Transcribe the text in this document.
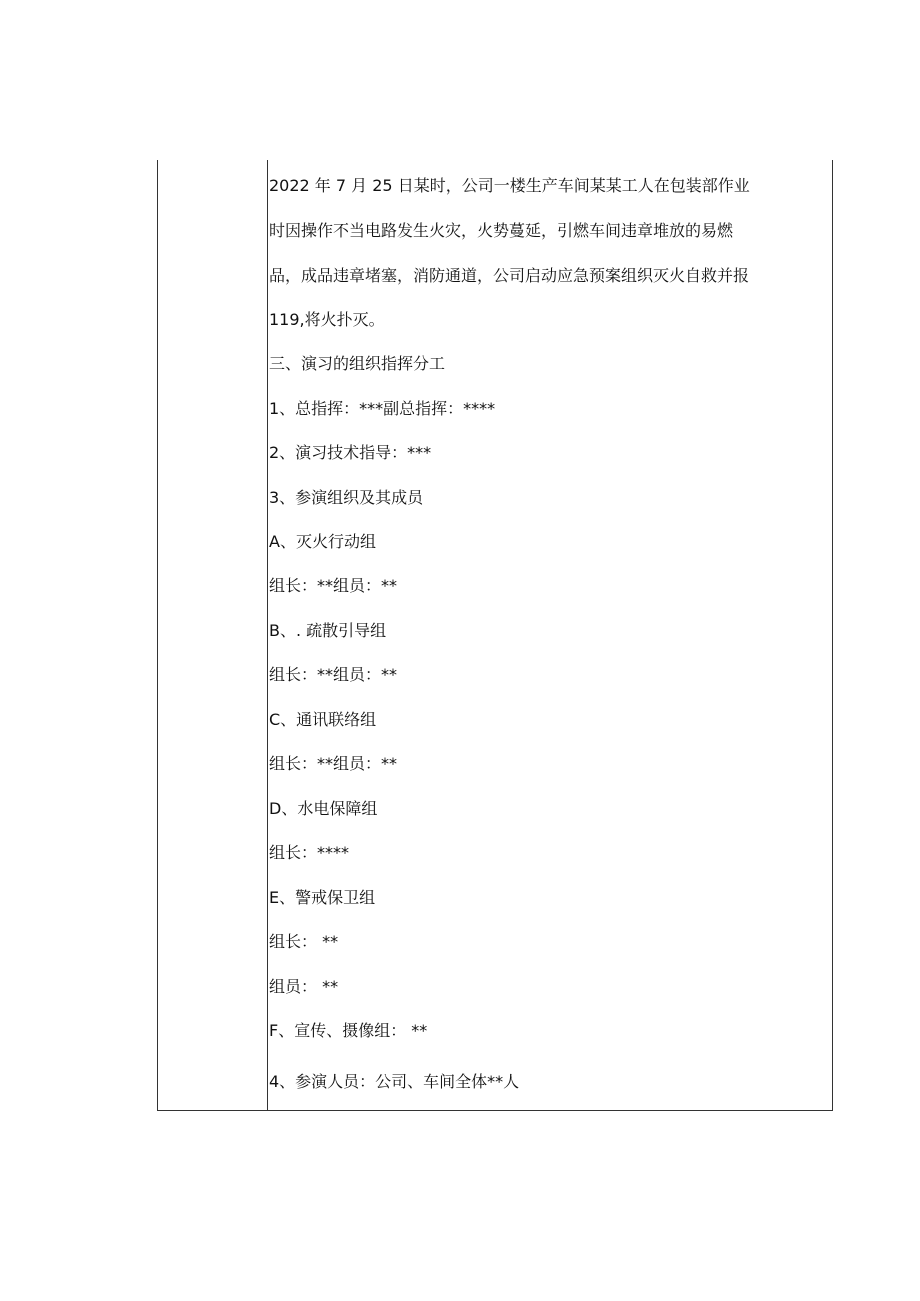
2022 年 7 月 25 日某时，公司一楼生产车间某某工人在包装部作业
时因操作不当电路发生火灾，火势蔓延，引燃车间违章堆放的易燃
品，成品违章堵塞，消防通道，公司启动应急预案组织灭火自救并报
119,将火扑灭。
三、演习的组织指挥分工
1、总指挥：***副总指挥：****
2、演习技术指导：***
3、参演组织及其成员
A、灭火行动组
组长：**组员：**
B、. 疏散引导组
组长：**组员：**
C、通讯联络组
组长：**组员：**
D、水电保障组
组长：****
E、警戒保卫组
组长： **
组员： **
F、宣传、摄像组： **
4、参演人员：公司、车间全体**人
